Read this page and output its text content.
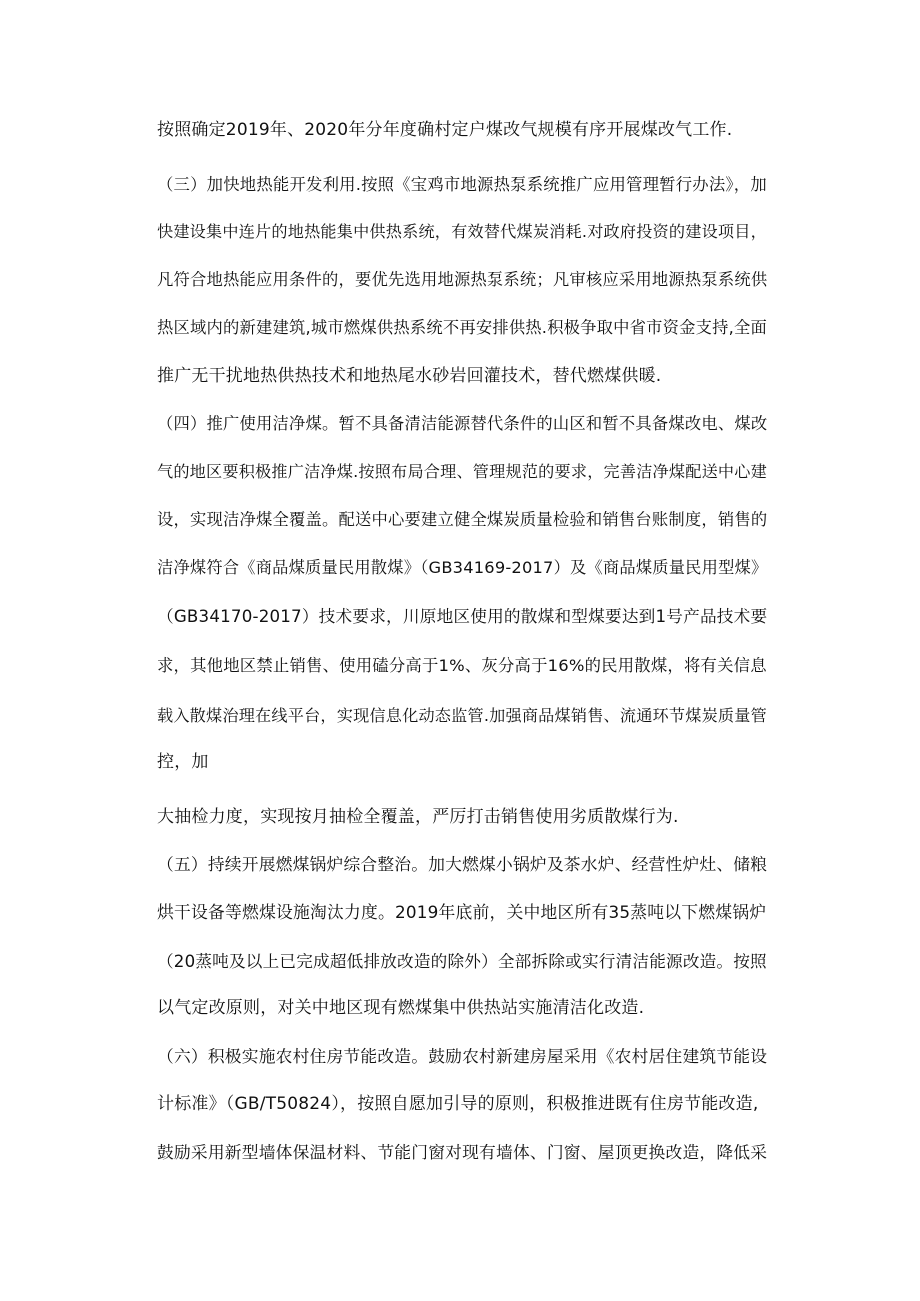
按照确定2019年、2020年分年度确村定户煤改气规模有序开展煤改气工作.
（三）加快地热能开发利用.按照《宝鸡市地源热泵系统推广应用管理暂行办法》，加
快建设集中连片的地热能集中供热系统，有效替代煤炭消耗.对政府投资的建设项目，
凡符合地热能应用条件的，要优先选用地源热泵系统；凡审核应采用地源热泵系统供
热区域内的新建建筑,城市燃煤供热系统不再安排供热.积极争取中省市资金支持,全面
推广无干扰地热供热技术和地热尾水砂岩回灌技术，替代燃煤供暖.
（四）推广使用洁净煤。暂不具备清洁能源替代条件的山区和暂不具备煤改电、煤改
气的地区要积极推广洁净煤.按照布局合理、管理规范的要求，完善洁净煤配送中心建
设，实现洁净煤全覆盖。配送中心要建立健全煤炭质量检验和销售台账制度，销售的
洁净煤符合《商品煤质量民用散煤》（GB34169-2017）及《商品煤质量民用型煤》
（GB34170-2017）技术要求，川原地区使用的散煤和型煤要达到1号产品技术要
求，其他地区禁止销售、使用磕分高于1%、灰分高于16%的民用散煤，将有关信息
载入散煤治理在线平台，实现信息化动态监管.加强商品煤销售、流通环节煤炭质量管
控，加
大抽检力度，实现按月抽检全覆盖，严厉打击销售使用劣质散煤行为.
（五）持续开展燃煤锅炉综合整治。加大燃煤小锅炉及茶水炉、经营性炉灶、储粮
烘干设备等燃煤设施淘汰力度。2019年底前，关中地区所有35蒸吨以下燃煤锅炉
（20蒸吨及以上已完成超低排放改造的除外）全部拆除或实行清洁能源改造。按照
以气定改原则，对关中地区现有燃煤集中供热站实施清洁化改造.
（六）积极实施农村住房节能改造。鼓励农村新建房屋采用《农村居住建筑节能设
计标准》（GB/T50824），按照自愿加引导的原则，积极推进既有住房节能改造,
鼓励采用新型墙体保温材料、节能门窗对现有墙体、门窗、屋顶更换改造，降低采
